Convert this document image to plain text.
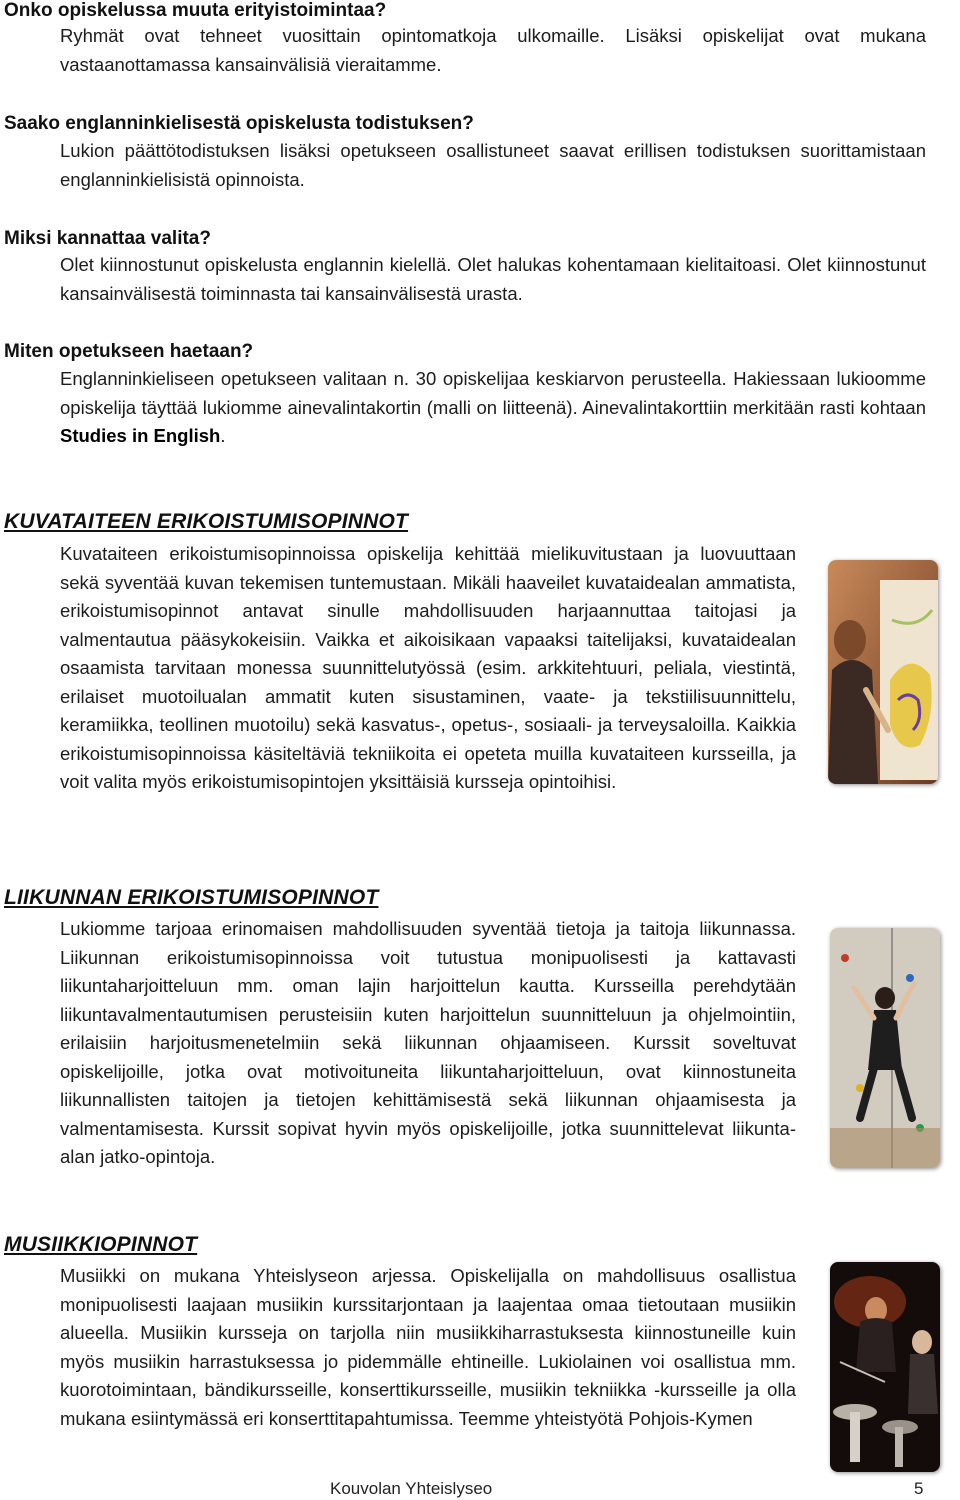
Onko opiskelussa muuta erityistoimintaa?

Ryhmät ovat tehneet vuosittain opintomatkoja ulkomaille. Lisäksi opiskelijat ovat mukana vastaanottamassa kansainvälisiä vieraitamme.

Saako englanninkielisestä opiskelusta todistuksen?

Lukion päättötodistuksen lisäksi opetukseen osallistuneet saavat erillisen todistuksen suorittamistaan englanninkielisistä opinnoista.

Miksi kannattaa valita?

Olet kiinnostunut opiskelusta englannin kielellä. Olet halukas kohentamaan kielitaitoasi. Olet kiinnostunut kansainvälisestä toiminnasta tai kansainvälisestä urasta.

Miten opetukseen haetaan?

Englanninkieliseen opetukseen valitaan n. 30 opiskelijaa keskiarvon perusteella. Hakiessaan lukioomme opiskelija täyttää lukiomme ainevalintakortin (malli on liitteenä). Ainevalintakorttiin merkitään rasti kohtaan Studies in English.

KUVATAITEEN ERIKOISTUMISOPINNOT

Kuvataiteen erikoistumisopinnoissa opiskelija kehittää mielikuvitustaan ja luovuuttaan sekä syventää kuvan tekemisen tuntemustaan. Mikäli haaveilet kuvataidealan ammatista, erikoistumisopinnot antavat sinulle mahdollisuuden harjaannuttaa taitojasi ja valmentautua pääsykokeisiin. Vaikka et aikoisikaan vapaaksi taitelijaksi, kuvataidealan osaamista tarvitaan monessa suunnittelutyössä (esim. arkkitehtuuri, peliala, viestintä, erilaiset muotoilualan ammatit kuten sisustaminen, vaate- ja tekstiilisuunnittelu, keramiikka, teollinen muotoilu) sekä kasvatus-, opetus-, sosiaali- ja terveysaloilla. Kaikkia erikoistumisopinnoissa käsiteltäviä tekniikoita ei opeteta muilla kuvataiteen kursseilla, ja voit valita myös erikoistumisopintojen yksittäisiä kursseja opintoihisi.

LIIKUNNAN ERIKOISTUMISOPINNOT

Lukiomme tarjoaa erinomaisen mahdollisuuden syventää tietoja ja taitoja liikunnassa. Liikunnan erikoistumisopinnoissa voit tutustua monipuolisesti ja kattavasti liikuntaharjoitteluun mm. oman lajin harjoittelun kautta. Kursseilla perehdytään liikuntavalmentautumisen perusteisiin kuten harjoittelun suunnitteluun ja ohjelmointiin, erilaisiin harjoitusmenetelmiin sekä liikunnan ohjaamiseen. Kurssit soveltuvat opiskelijoille, jotka ovat motivoituneita liikuntaharjoitteluun, ovat kiinnostuneita liikunnallisten taitojen ja tietojen kehittämisestä sekä liikunnan ohjaamisesta ja valmentamisesta. Kurssit sopivat hyvin myös opiskelijoille, jotka suunnittelevat liikunta-alan jatko-opintoja.

MUSIIKKIOPINNOT

Musiikki on mukana Yhteislyseon arjessa. Opiskelijalla on mahdollisuus osallistua monipuolisesti laajaan musiikin kurssitarjontaan ja laajentaa omaa tietoutaan musiikin alueella. Musiikin kursseja on tarjolla niin musiikkiharrastuksesta kiinnostuneille kuin myös musiikin harrastuksessa jo pidemmälle ehtineille. Lukiolainen voi osallistua mm. kuorotoimintaan, bändikursseille, konserttikursseille, musiikin tekniikka -kursseille ja olla mukana esiintymässä eri konserttitapahtumissa. Teemme yhteistyötä Pohjois-Kymen

Kouvolan Yhteislyseo	5
